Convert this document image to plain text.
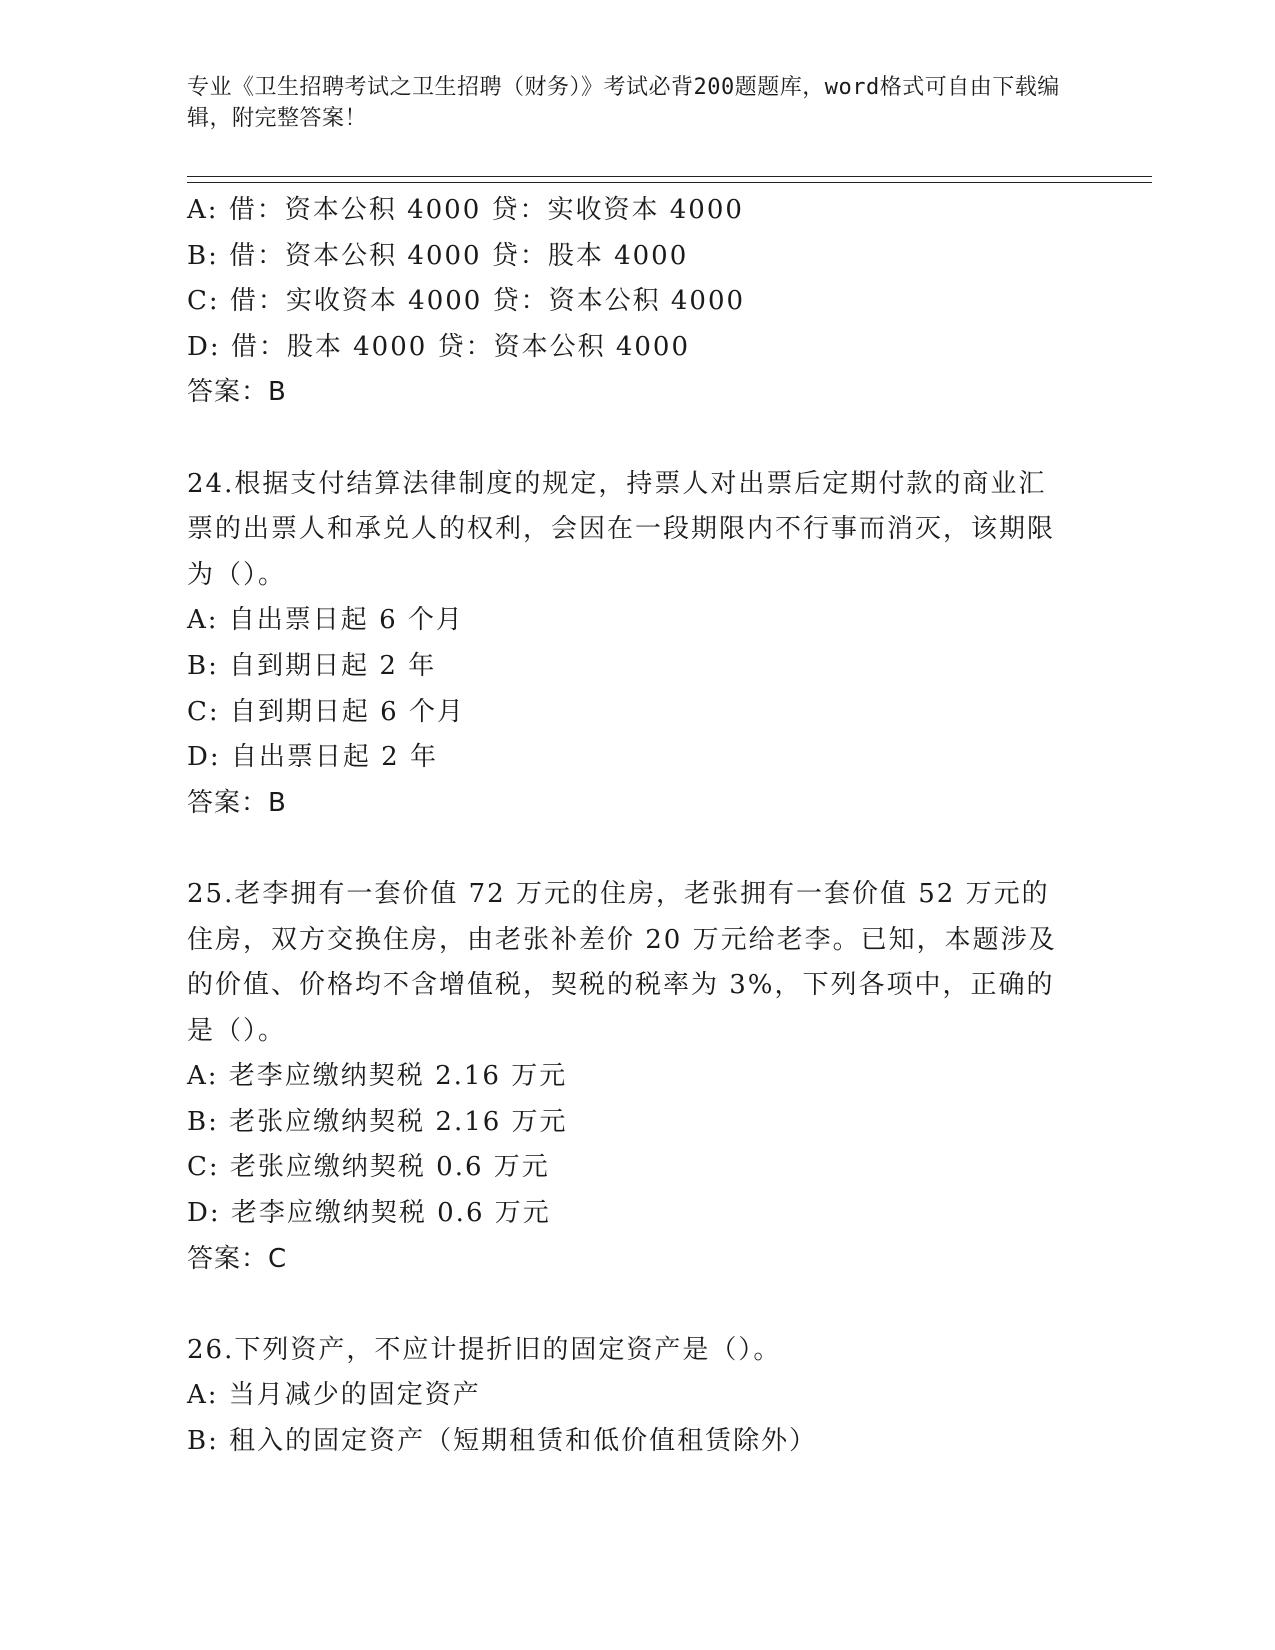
专业《卫生招聘考试之卫生招聘（财务）》考试必背200题题库，word格式可自由下载编辑，附完整答案！
A: 借：资本公积 4000 贷：实收资本 4000
B: 借：资本公积 4000 贷：股本 4000
C: 借：实收资本 4000 贷：资本公积 4000
D: 借：股本 4000 贷：资本公积 4000
答案：B
24.根据支付结算法律制度的规定，持票人对出票后定期付款的商业汇票的出票人和承兑人的权利，会因在一段期限内不行事而消灭，该期限为（）。
A: 自出票日起 6 个月
B: 自到期日起 2 年
C: 自到期日起 6 个月
D: 自出票日起 2 年
答案：B
25.老李拥有一套价值 72 万元的住房，老张拥有一套价值 52 万元的住房，双方交换住房，由老张补差价 20 万元给老李。已知，本题涉及的价值、价格均不含增值税，契税的税率为 3%，下列各项中，正确的是（）。
A: 老李应缴纳契税 2.16 万元
B: 老张应缴纳契税 2.16 万元
C: 老张应缴纳契税 0.6 万元
D: 老李应缴纳契税 0.6 万元
答案：C
26.下列资产，不应计提折旧的固定资产是（）。
A: 当月减少的固定资产
B: 租入的固定资产（短期租赁和低价值租赁除外）
